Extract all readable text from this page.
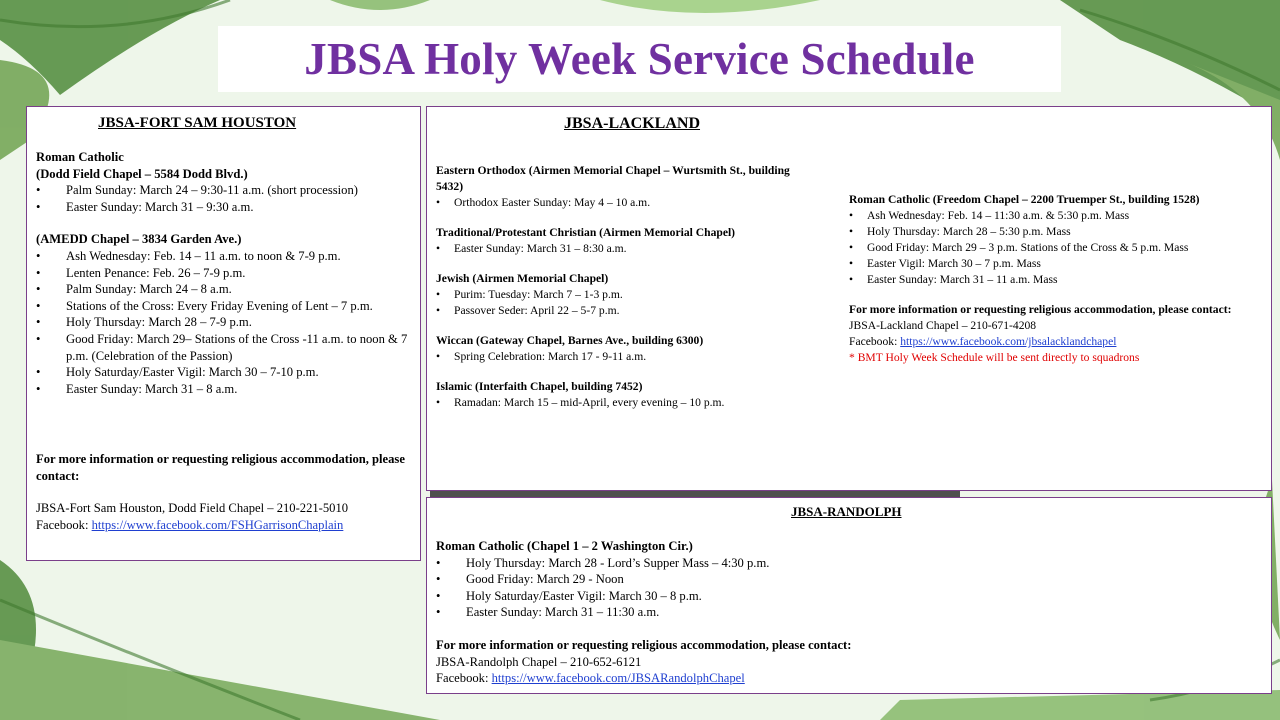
JBSA Holy Week Service Schedule
JBSA-FORT SAM HOUSTON
Roman Catholic
(Dodd Field Chapel – 5584 Dodd Blvd.)
• Palm Sunday: March 24 – 9:30-11 a.m. (short procession)
• Easter Sunday: March 31 – 9:30 a.m.
(AMEDD Chapel – 3834 Garden Ave.)
• Ash Wednesday: Feb. 14 – 11 a.m. to noon & 7-9 p.m.
• Lenten Penance: Feb. 26 – 7-9 p.m.
• Palm Sunday: March 24 – 8 a.m.
• Stations of the Cross: Every Friday Evening of Lent – 7 p.m.
• Holy Thursday: March 28 – 7-9 p.m.
• Good Friday: March 29– Stations of the Cross -11 a.m. to noon & 7 p.m. (Celebration of the Passion)
• Holy Saturday/Easter Vigil: March 30 – 7-10 p.m.
• Easter Sunday: March 31 – 8 a.m.
For more information or requesting religious accommodation, please contact:
JBSA-Fort Sam Houston, Dodd Field Chapel – 210-221-5010
Facebook: https://www.facebook.com/FSHGarrisonChaplain
JBSA-LACKLAND
Eastern Orthodox (Airmen Memorial Chapel – Wurtsmith St., building 5432)
• Orthodox Easter Sunday: May 4 – 10 a.m.
Traditional/Protestant Christian (Airmen Memorial Chapel)
• Easter Sunday: March 31 – 8:30 a.m.
Jewish (Airmen Memorial Chapel)
• Purim: Tuesday: March 7 – 1-3 p.m.
• Passover Seder: April 22 – 5-7 p.m.
Wiccan (Gateway Chapel, Barnes Ave., building 6300)
• Spring Celebration: March 17 - 9-11 a.m.
Islamic (Interfaith Chapel, building 7452)
• Ramadan: March 15 – mid-April, every evening – 10 p.m.
Roman Catholic (Freedom Chapel – 2200 Truemper St., building 1528)
• Ash Wednesday: Feb. 14 – 11:30 a.m. & 5:30 p.m. Mass
• Holy Thursday: March 28 – 5:30 p.m. Mass
• Good Friday: March 29 – 3 p.m. Stations of the Cross & 5 p.m. Mass
• Easter Vigil: March 30 – 7 p.m. Mass
• Easter Sunday: March 31 – 11 a.m. Mass
For more information or requesting religious accommodation, please contact:
JBSA-Lackland Chapel – 210-671-4208
Facebook: https://www.facebook.com/jbsalacklandchapel
* BMT Holy Week Schedule will be sent directly to squadrons
JBSA-RANDOLPH
Roman Catholic (Chapel 1 – 2 Washington Cir.)
• Holy Thursday: March 28 - Lord’s Supper Mass – 4:30 p.m.
• Good Friday: March 29 - Noon
• Holy Saturday/Easter Vigil: March 30 – 8 p.m.
• Easter Sunday: March 31 – 11:30 a.m.
For more information or requesting religious accommodation, please contact:
JBSA-Randolph Chapel – 210-652-6121
Facebook: https://www.facebook.com/JBSARandolphChapel
